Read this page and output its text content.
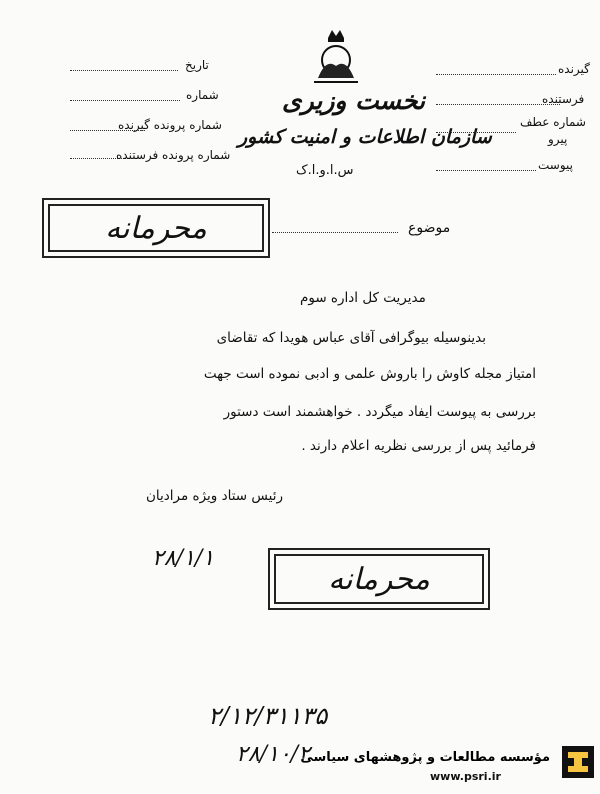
نخست وزیری
سازمان اطلاعات و امنیت کشور
س.ا.و.ا.ک
تاریخ
شماره
شماره پرونده گیرنده
شماره پرونده فرستنده
گیرنده
فرستنده
شماره عطف
پیرو
پیوست
محرمانه	موضوع
مدیریت کل اداره سوم
بدینوسیله بیوگرافی آقای عباس هویدا که تقاضای
امتیاز مجله کاوش را باروش علمی و ادبی نموده است جهت
بررسی به پیوست ایفاد میگردد . خواهشمند است دستور
فرمائید پس از بررسی نظریه اعلام دارند .
رئیس ستاد ویژه مرادیان
۲۸/۱/۱
محرمانه
۲/۱۲/۳۱۱۳۵
۲۸/۱۰/۲
مؤسسه مطالعات و پژوهشهای سیاسی
www.psri.ir
